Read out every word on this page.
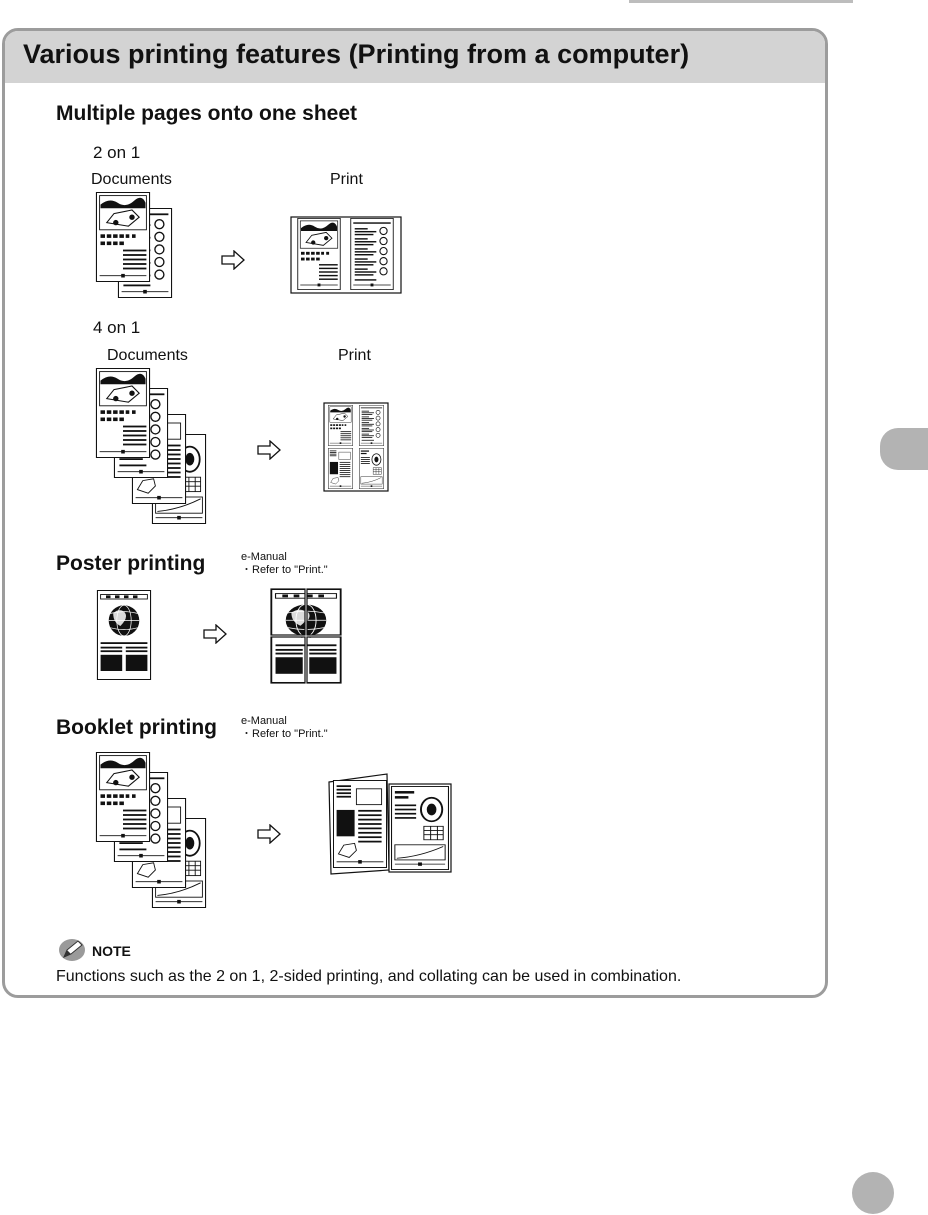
Various printing features (Printing from a computer)
Multiple pages onto one sheet
2 on 1
Documents	Print
4 on 1
Documents	Print
Poster printing	e-Manual
・Refer to "Print."
Booklet printing e-Manual
・Refer to "Print."
NOTE
Functions such as the 2 on 1, 2-sided printing, and collating can be used in combination.
